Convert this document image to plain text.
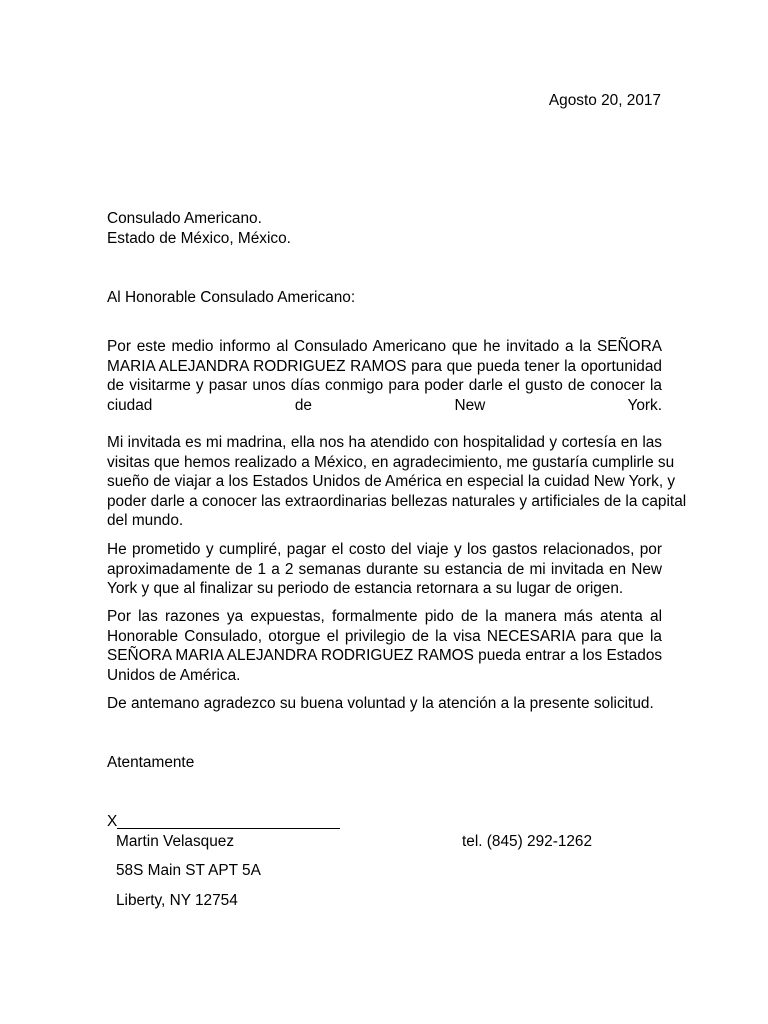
Agosto 20, 2017
Consulado Americano.
Estado de México, México.
Al Honorable Consulado Americano:
Por este medio informo al Consulado Americano que he invitado a la SEÑORA
MARIA ALEJANDRA RODRIGUEZ RAMOS para que pueda tener la oportunidad
de visitarme y pasar unos días conmigo para poder darle el gusto de conocer la
ciudad de New York.
Mi invitada es mi madrina, ella nos ha atendido con hospitalidad y cortesía en las
visitas que hemos realizado a México, en agradecimiento, me gustaría cumplirle su
sueño de viajar a los Estados Unidos de América en especial la cuidad New York, y
poder darle a conocer las extraordinarias bellezas naturales y artificiales de la capital
del mundo.
He prometido y cumpliré, pagar el costo del viaje y los gastos relacionados, por
aproximadamente de 1 a 2 semanas durante su estancia de mi invitada en New
York y que al finalizar su periodo de estancia retornara a su lugar de origen.
Por las razones ya expuestas, formalmente pido de la manera más atenta al
Honorable Consulado, otorgue el privilegio de la visa NECESARIA para que la
SEÑORA MARIA ALEJANDRA RODRIGUEZ RAMOS pueda entrar a los Estados
Unidos de América.
De antemano agradezco su buena voluntad y la atención a la presente solicitud.
Atentamente
X__________________________
Martin Velasquez	tel. (845) 292-1262
58S Main ST APT 5A
Liberty, NY 12754
